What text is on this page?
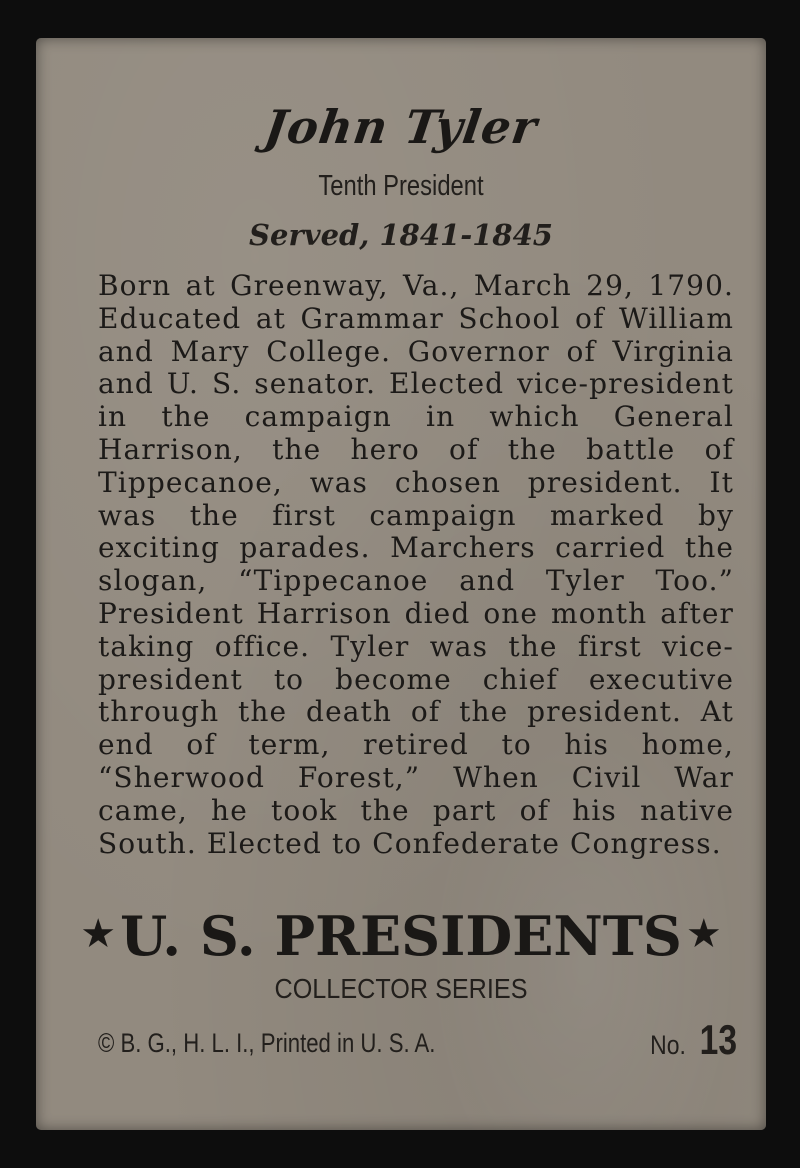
John Tyler
Tenth President
Served, 1841-1845

Born at Greenway, Va., March 29, 1790. Educated at Grammar School of William and Mary College. Governor of Virginia and U. S. senator. Elected vice-president in the campaign in which General Harrison, the hero of the battle of Tippecanoe, was chosen president. It was the first campaign marked by exciting parades. Marchers carried the slogan, “Tippecanoe and Tyler Too.” President Harrison died one month after taking office. Tyler was the first vice-president to become chief executive through the death of the president. At end of term, retired to his home, “Sherwood Forest,” When Civil War came, he took the part of his native South. Elected to Confederate Congress.

★U. S. PRESIDENTS ★
COLLECTOR SERIES
© B. G., H. L. I., Printed in U. S. A.	No. 13
